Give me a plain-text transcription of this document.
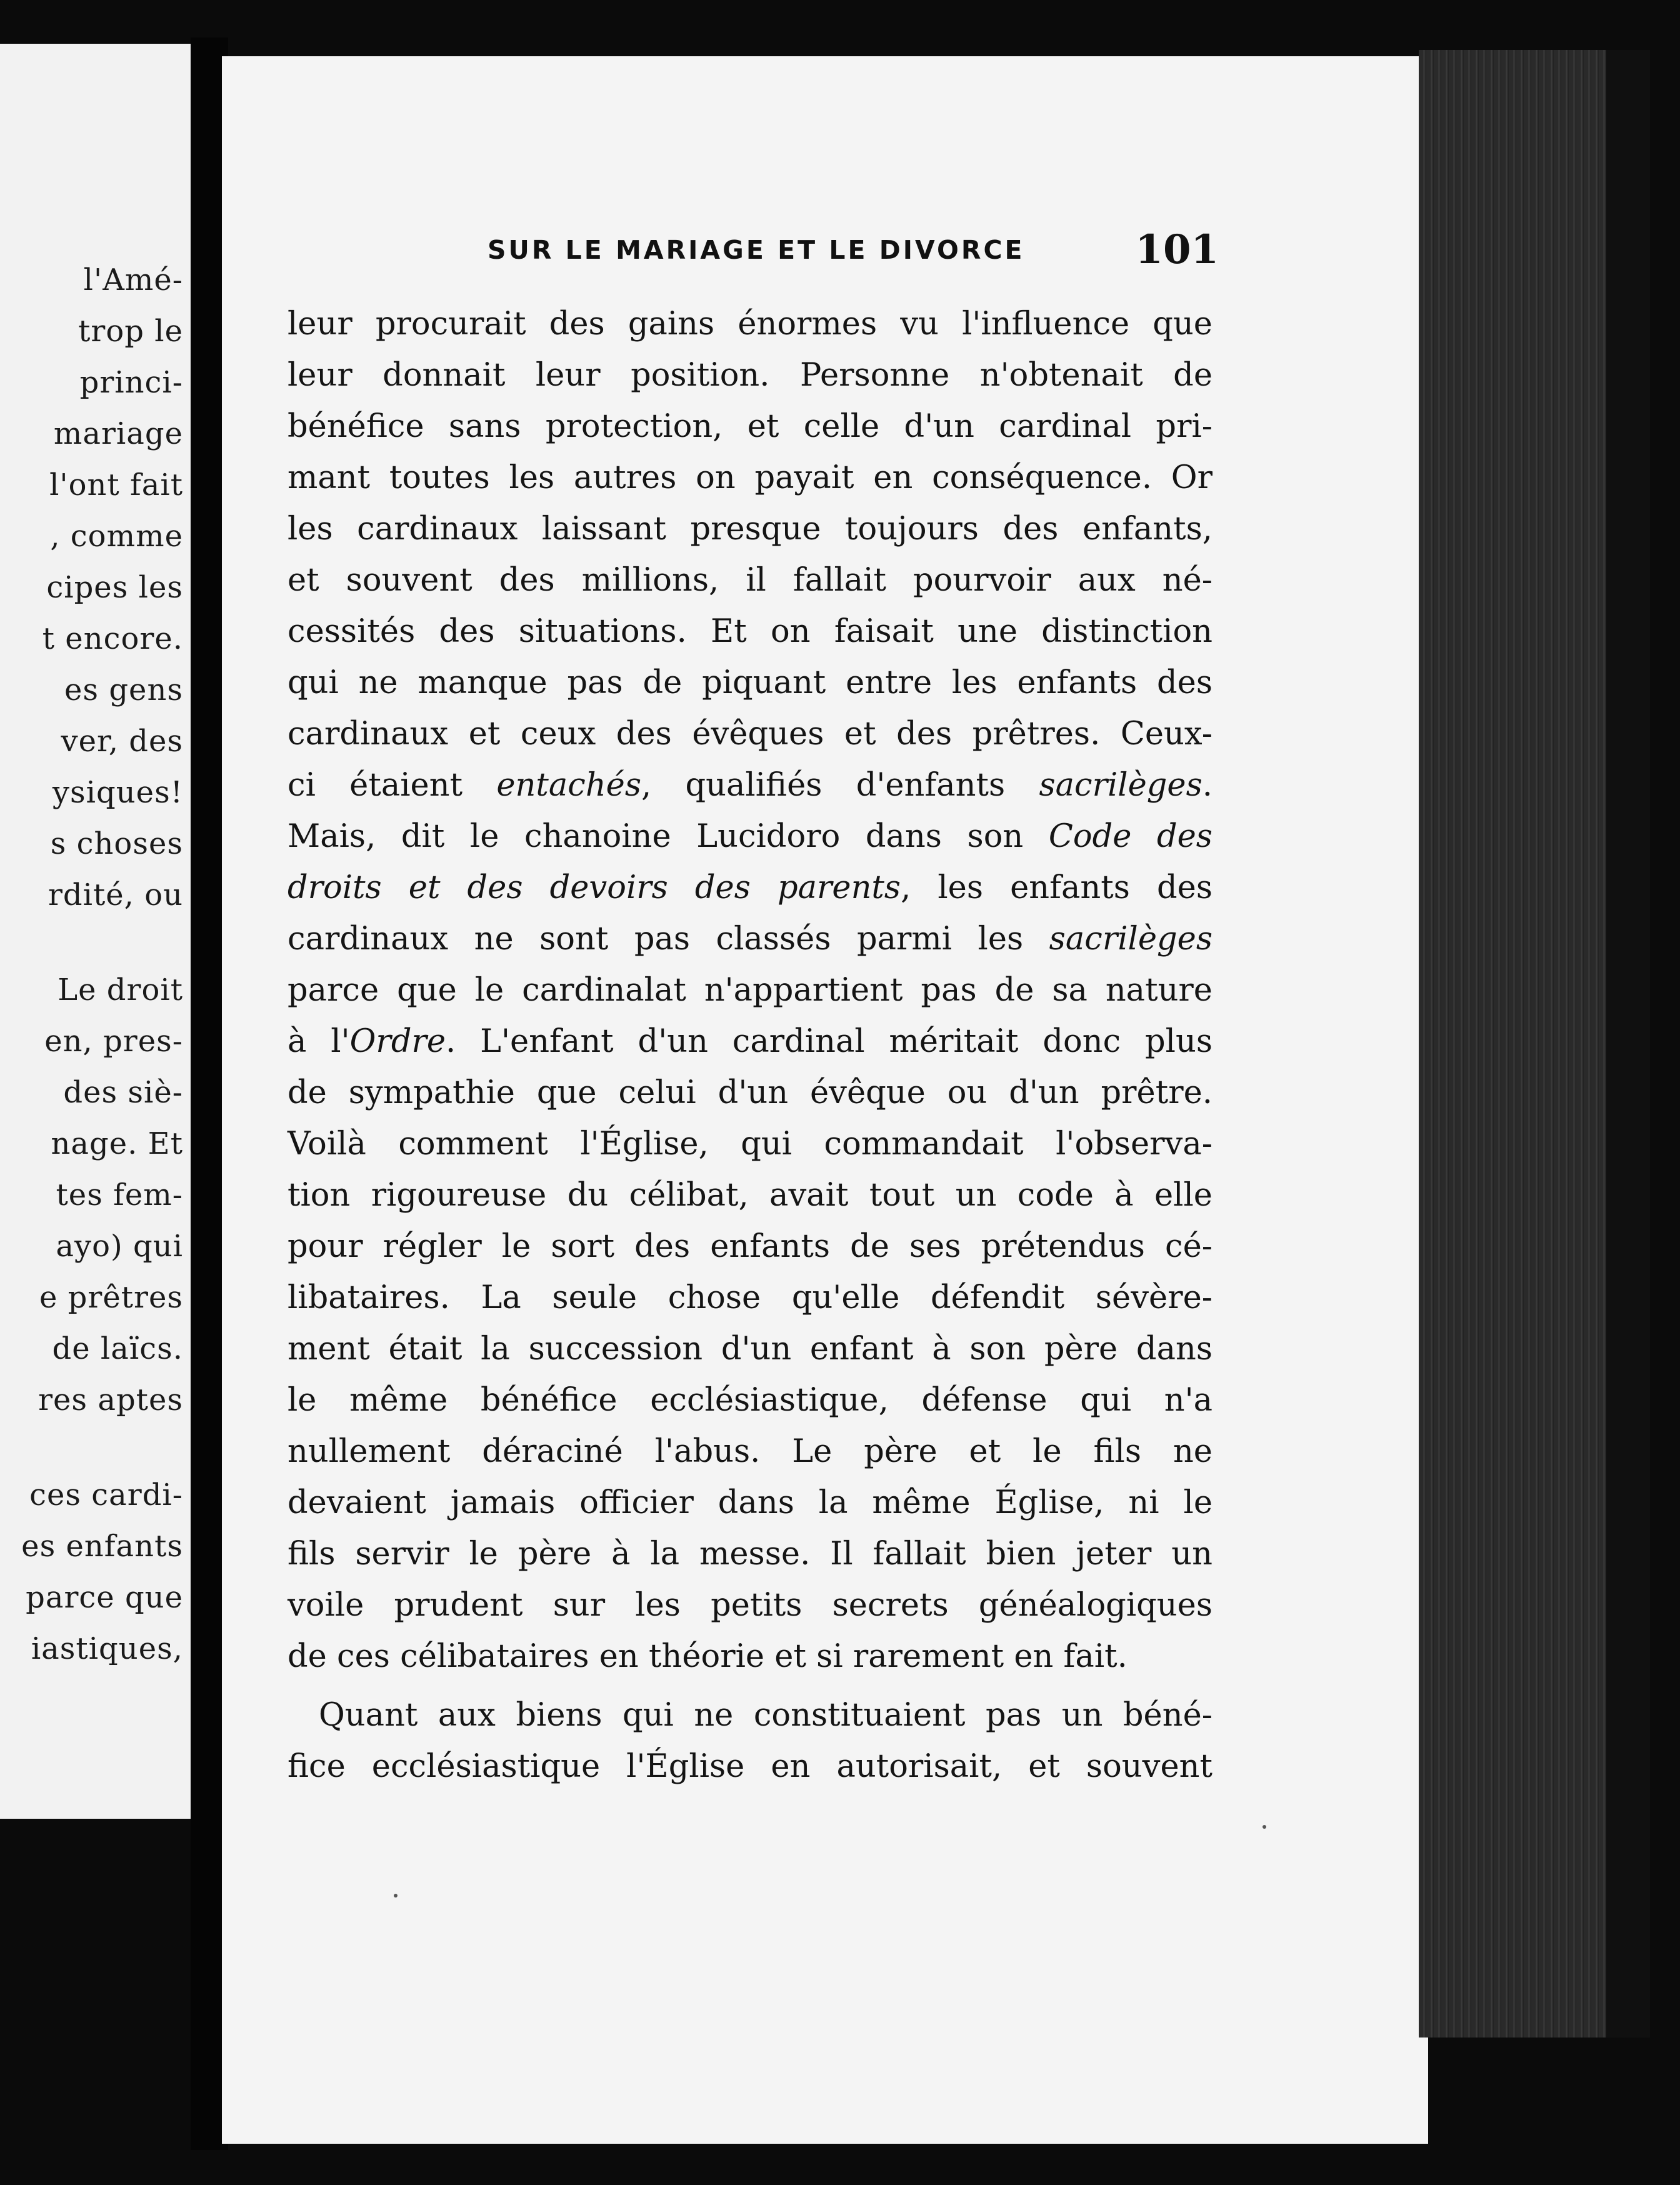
l'Amé-
trop le
princi-
mariage
l'ont fait
, comme
cipes les
t encore.
es gens
ver, des
ysiques!
s choses
rdité, ou
Le droit
en, pres-
des siè-
nage. Et
tes fem-
ayo) qui
e prêtres
de laïcs.
res aptes
ces cardi-
es enfants
parce que
iastiques,
SUR LE MARIAGE ET LE DIVORCE	101
leur procurait des gains énormes vu l'influence que
leur donnait leur position. Personne n'obtenait de
bénéfice sans protection, et celle d'un cardinal pri-
mant toutes les autres on payait en conséquence. Or
les cardinaux laissant presque toujours des enfants,
et souvent des millions, il fallait pourvoir aux né-
cessités des situations. Et on faisait une distinction
qui ne manque pas de piquant entre les enfants des
cardinaux et ceux des évêques et des prêtres. Ceux-
ci étaient entachés, qualifiés d'enfants sacrilèges.
Mais, dit le chanoine Lucidoro dans son Code des
droits et des devoirs des parents, les enfants des
cardinaux ne sont pas classés parmi les sacrilèges
parce que le cardinalat n'appartient pas de sa nature
à l'Ordre. L'enfant d'un cardinal méritait donc plus
de sympathie que celui d'un évêque ou d'un prêtre.
Voilà comment l'Église, qui commandait l'observa-
tion rigoureuse du célibat, avait tout un code à elle
pour régler le sort des enfants de ses prétendus cé-
libataires. La seule chose qu'elle défendit sévère-
ment était la succession d'un enfant à son père dans
le même bénéfice ecclésiastique, défense qui n'a
nullement déraciné l'abus. Le père et le fils ne
devaient jamais officier dans la même Église, ni le
fils servir le père à la messe. Il fallait bien jeter un
voile prudent sur les petits secrets généalogiques
de ces célibataires en théorie et si rarement en fait.
Quant aux biens qui ne constituaient pas un béné-
fice ecclésiastique l'Église en autorisait, et souvent
